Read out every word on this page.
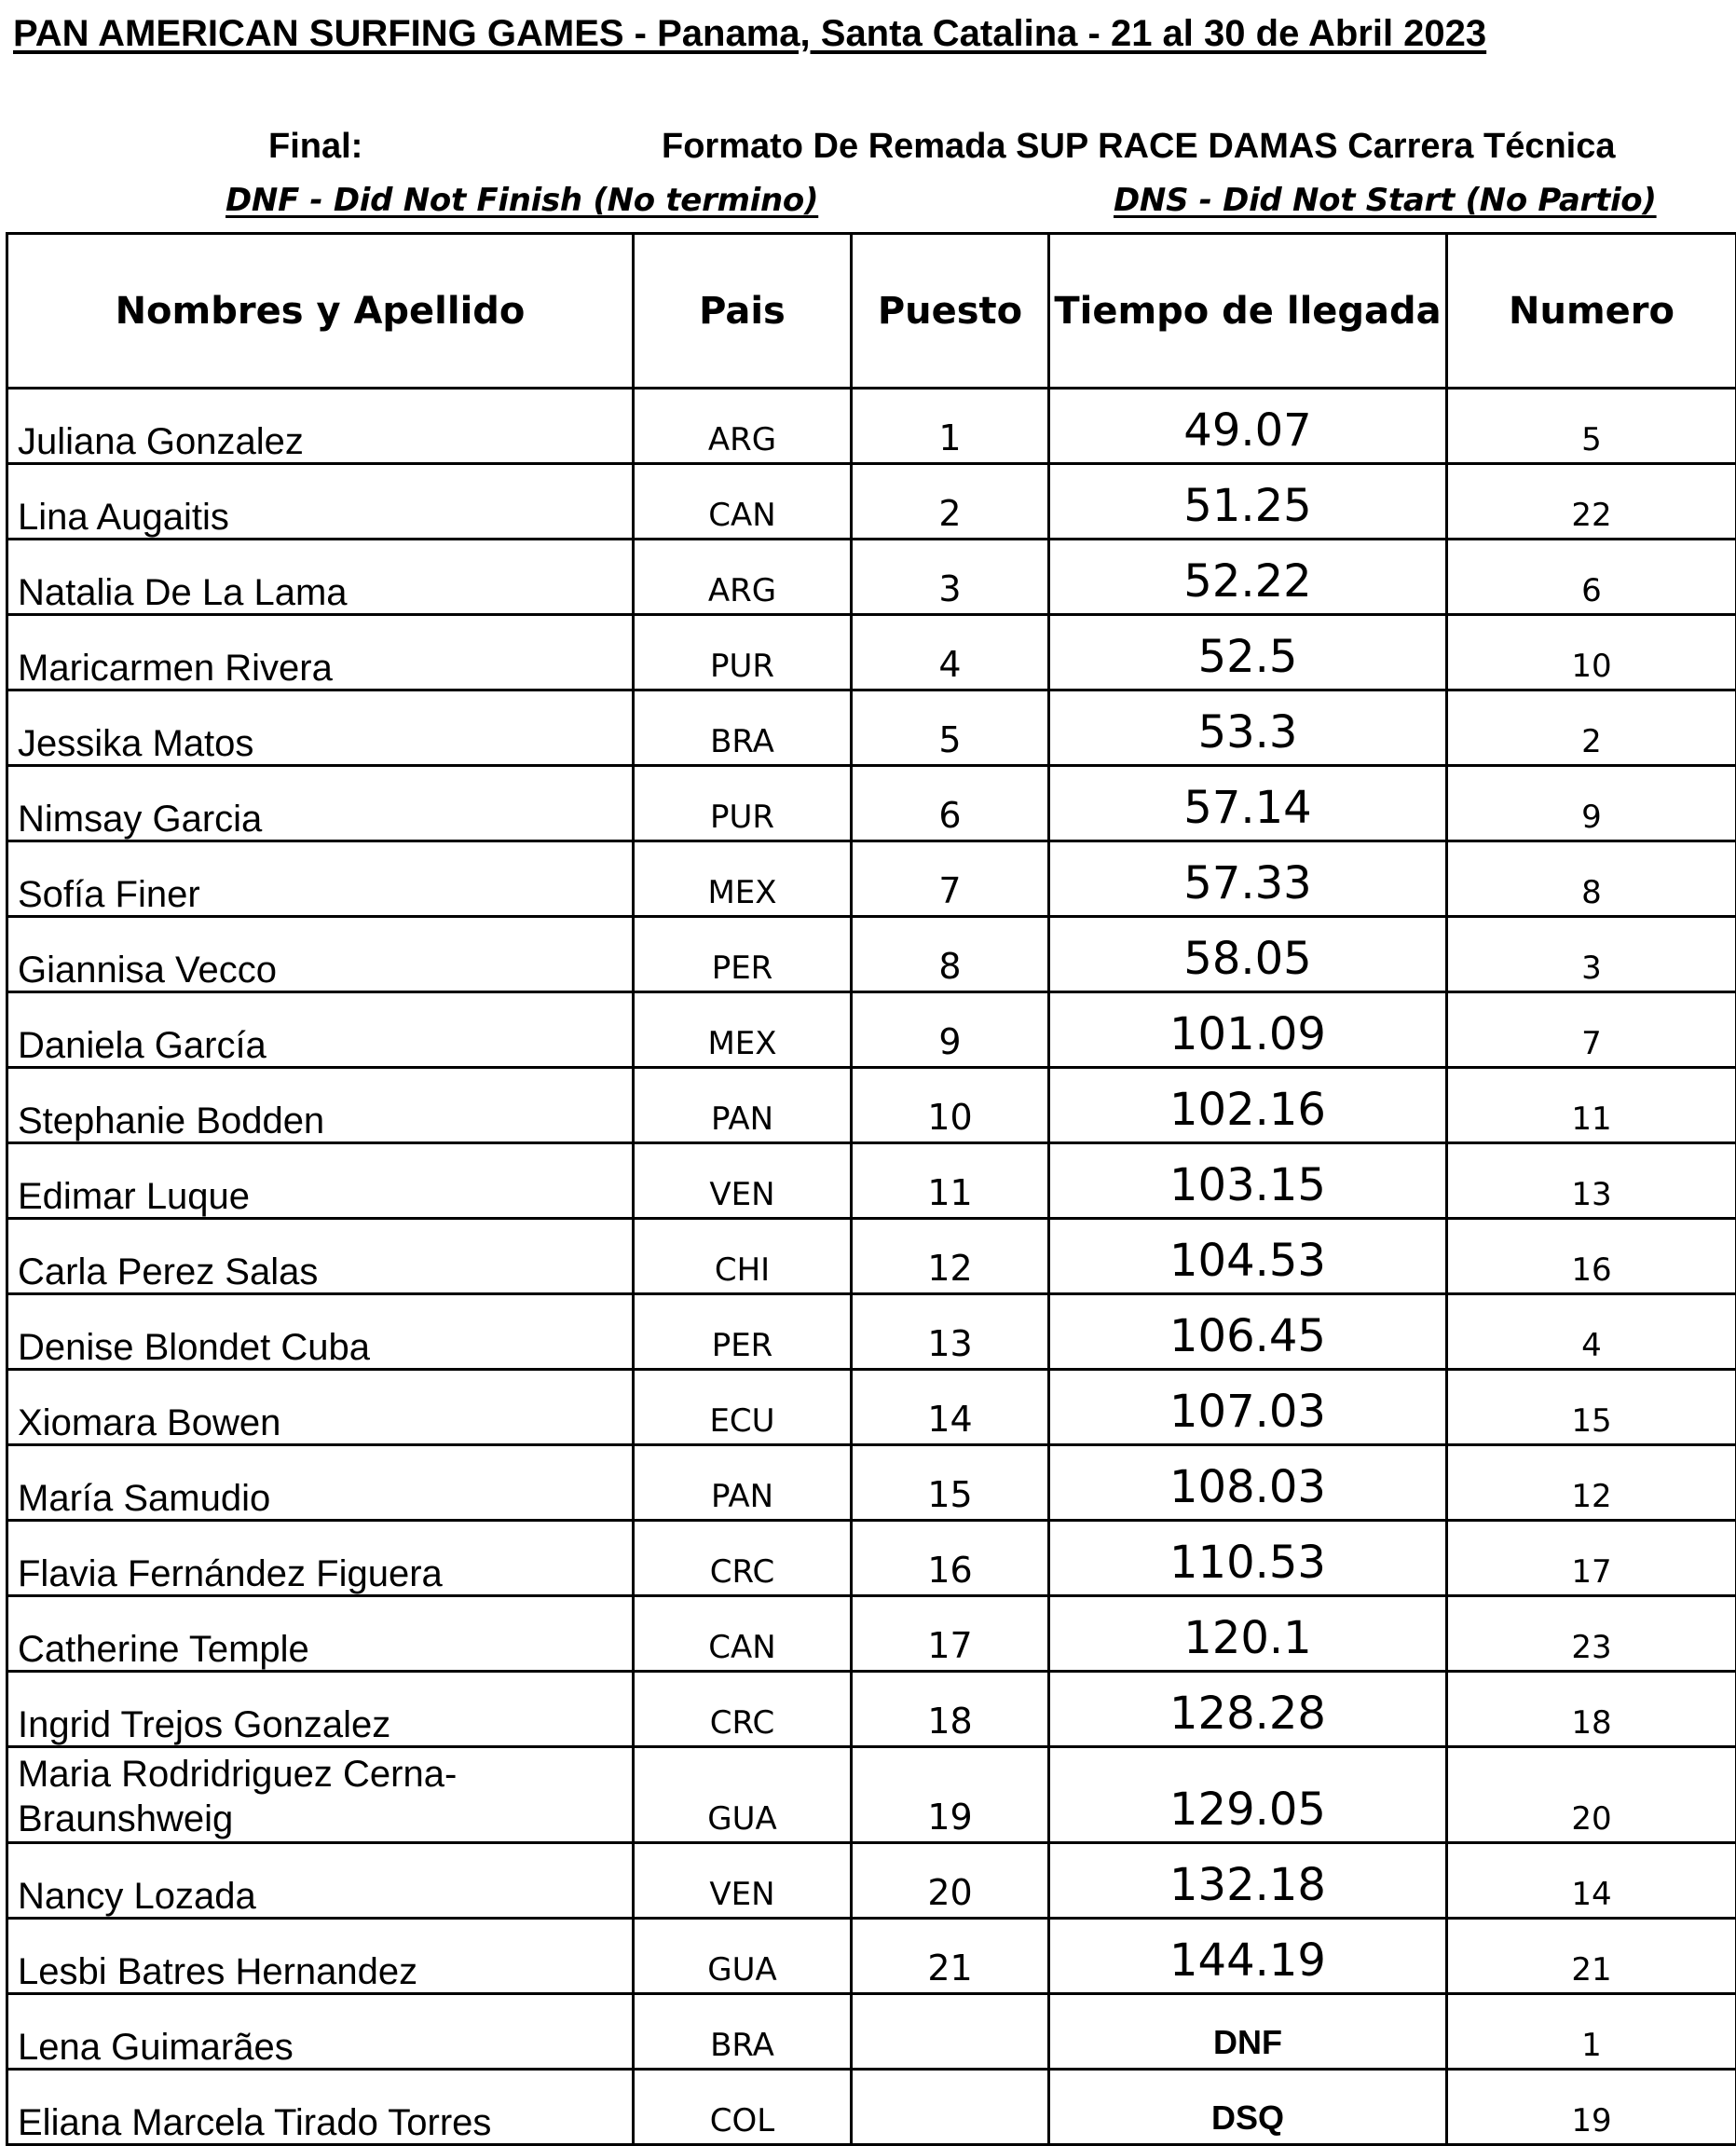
PAN AMERICAN SURFING GAMES - Panama, Santa Catalina - 21 al 30 de Abril 2023
Final:	Formato De Remada SUP RACE DAMAS Carrera Técnica
DNF - Did Not Finish (No termino)	DNS - Did Not Start (No Partio)
Nombres y Apellido	Pais	Puesto	Tiempo de llegada	Numero
Juliana Gonzalez	ARG	1	49.07	5
Lina Augaitis	CAN	2	51.25	22
Natalia De La Lama	ARG	3	52.22	6
Maricarmen Rivera	PUR	4	52.5	10
Jessika Matos	BRA	5	53.3	2
Nimsay Garcia	PUR	6	57.14	9
Sofía Finer	MEX	7	57.33	8
Giannisa Vecco	PER	8	58.05	3
Daniela García	MEX	9	101.09	7
Stephanie Bodden	PAN	10	102.16	11
Edimar Luque	VEN	11	103.15	13
Carla Perez Salas	CHI	12	104.53	16
Denise Blondet Cuba	PER	13	106.45	4
Xiomara Bowen	ECU	14	107.03	15
María Samudio	PAN	15	108.03	12
Flavia Fernández Figuera	CRC	16	110.53	17
Catherine Temple	CAN	17	120.1	23
Ingrid Trejos Gonzalez	CRC	18	128.28	18

Maria Rodridriguez Cerna-Braunshweig	GUA	19	129.05	20
Nancy Lozada	VEN	20	132.18	14
Lesbi Batres Hernandez	GUA	21	144.19	21
Lena Guimarães	BRA		DNF	1
Eliana Marcela Tirado Torres	COL		DSQ	19
